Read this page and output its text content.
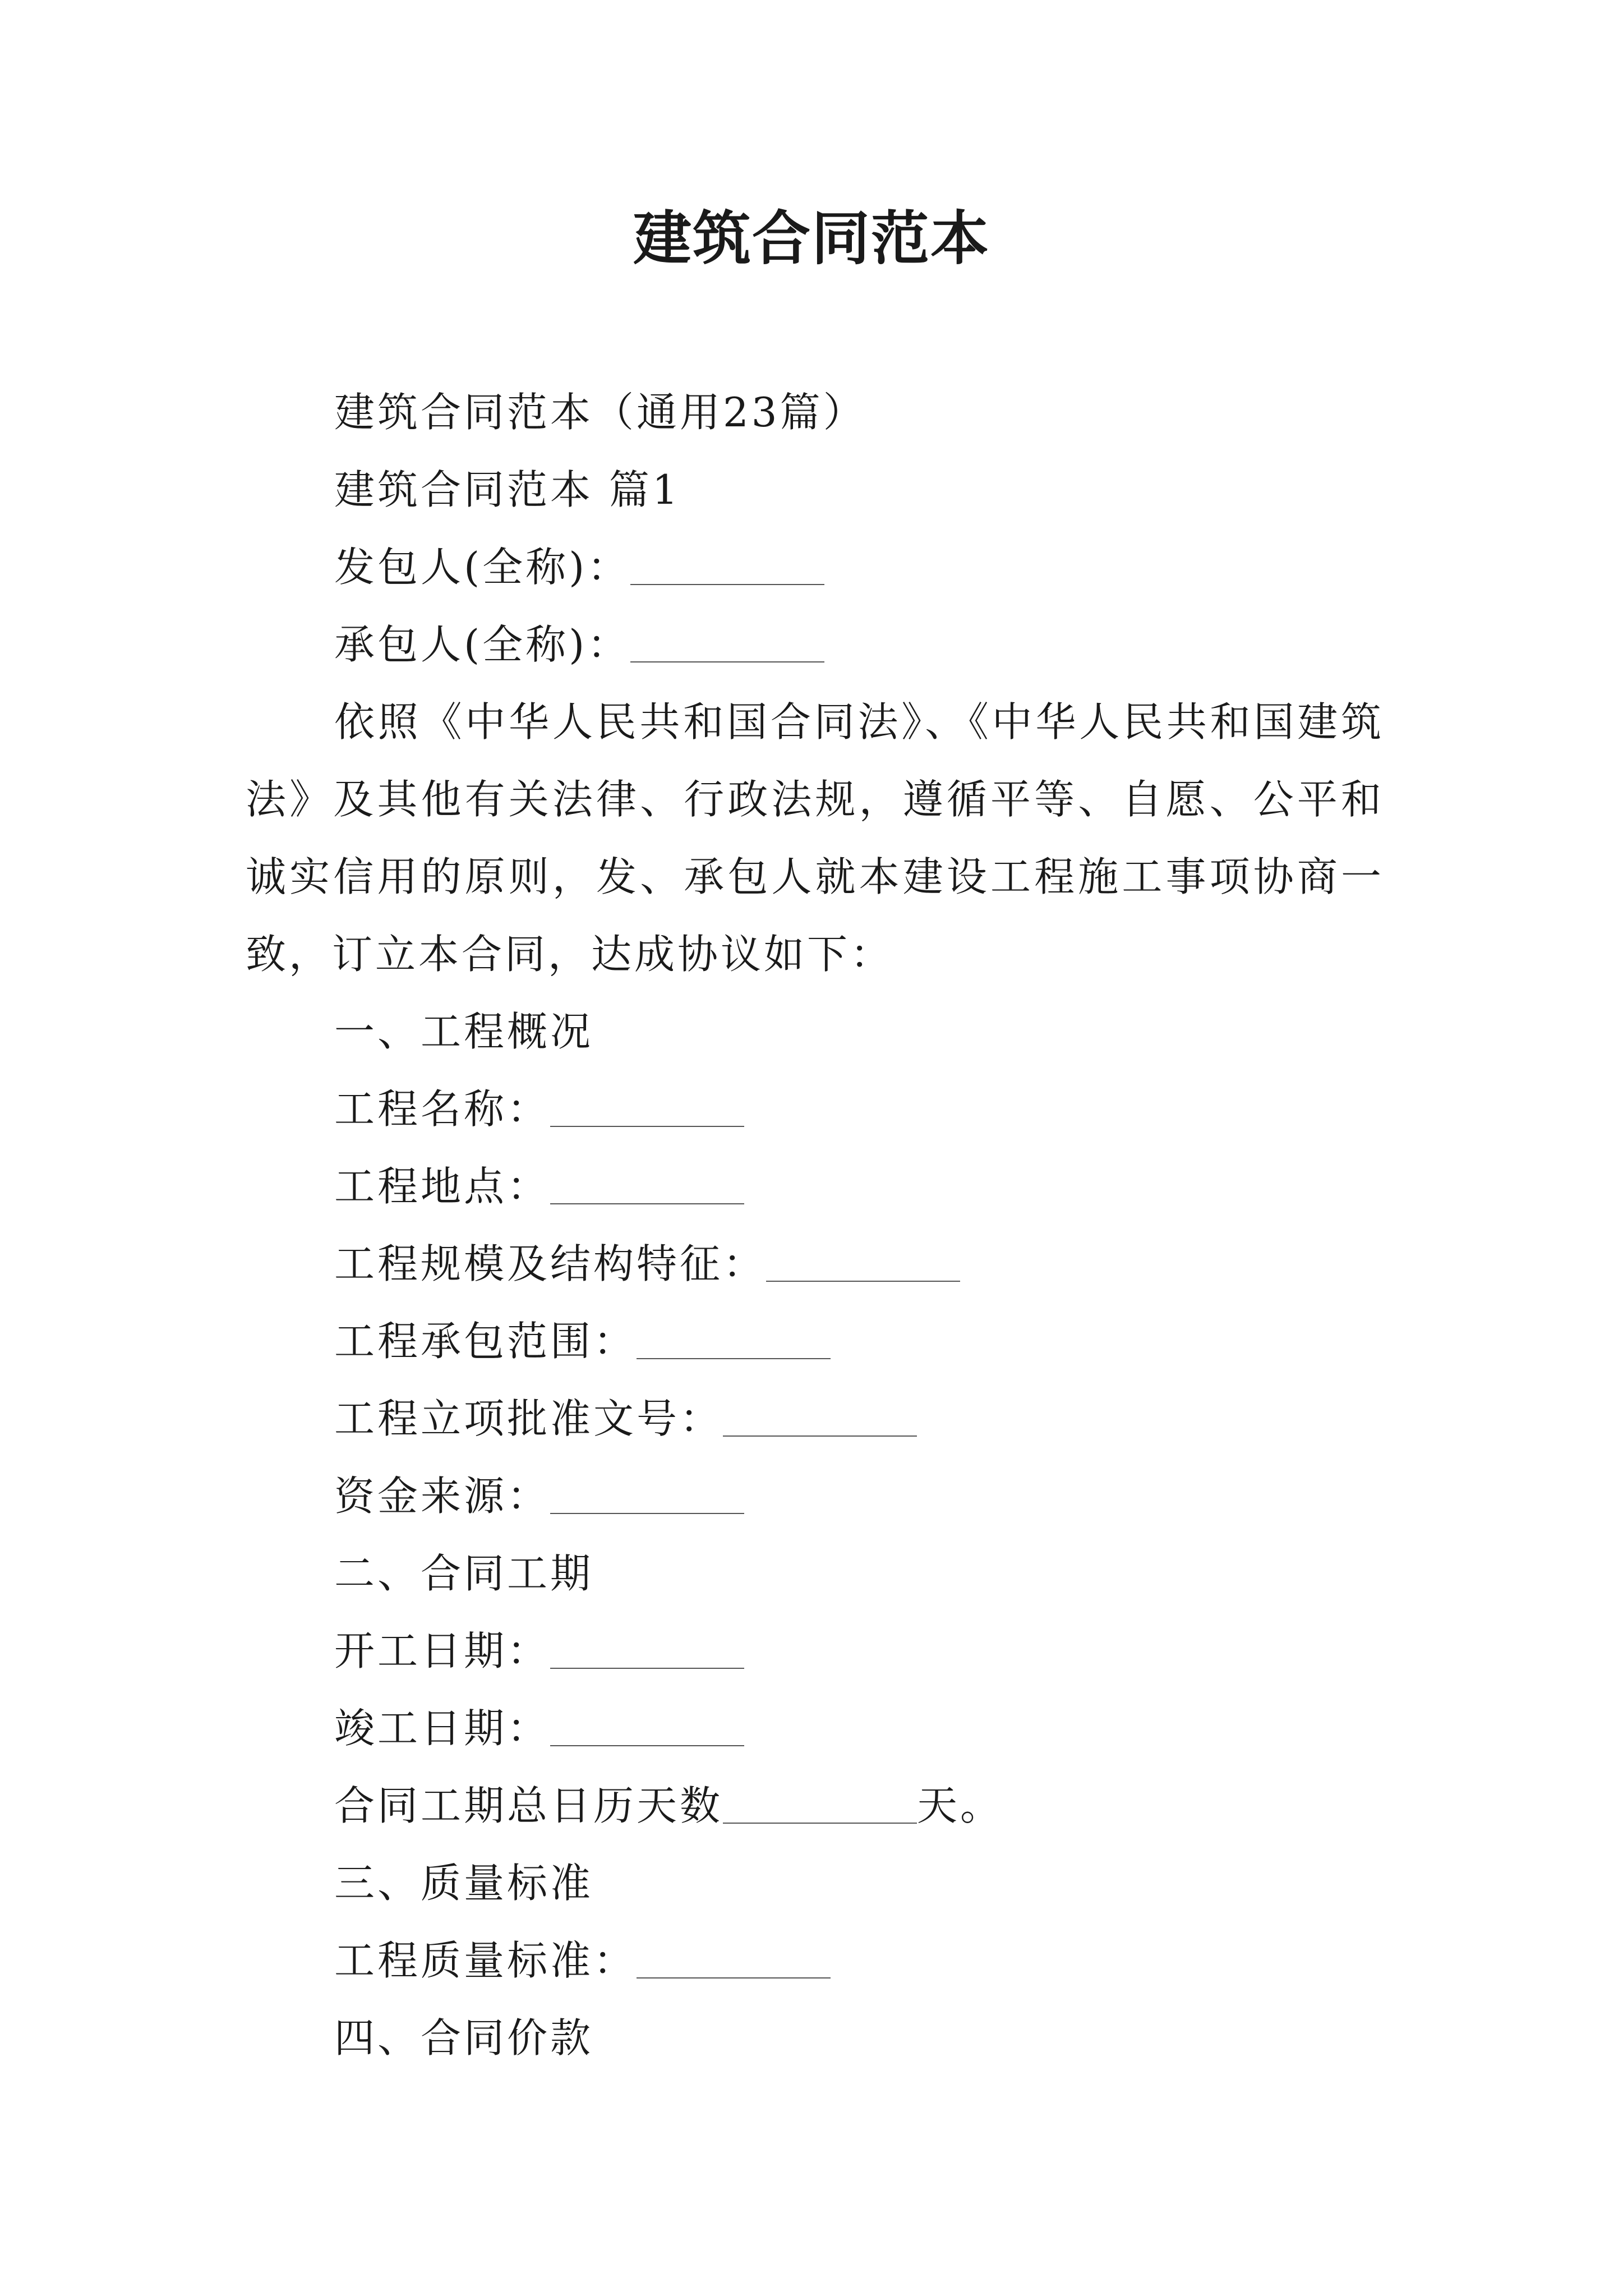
建筑合同范本
建筑合同范本（通用23篇）
建筑合同范本 篇1
发包人(全称)：
承包人(全称)：

依照《中华人民共和国合同法》、《中华人民共和国建筑法》及其他有关法律、行政法规，遵循平等、自愿、公平和诚实信用的原则，发、承包人就本建设工程施工事项协商一致，订立本合同，达成协议如下：

一、工程概况
工程名称：
工程地点：
工程规模及结构特征：
工程承包范围：
工程立项批准文号：
资金来源：
二、合同工期
开工日期：
竣工日期：
合同工期总日历天数	天。
三、质量标准
工程质量标准：
四、合同价款
